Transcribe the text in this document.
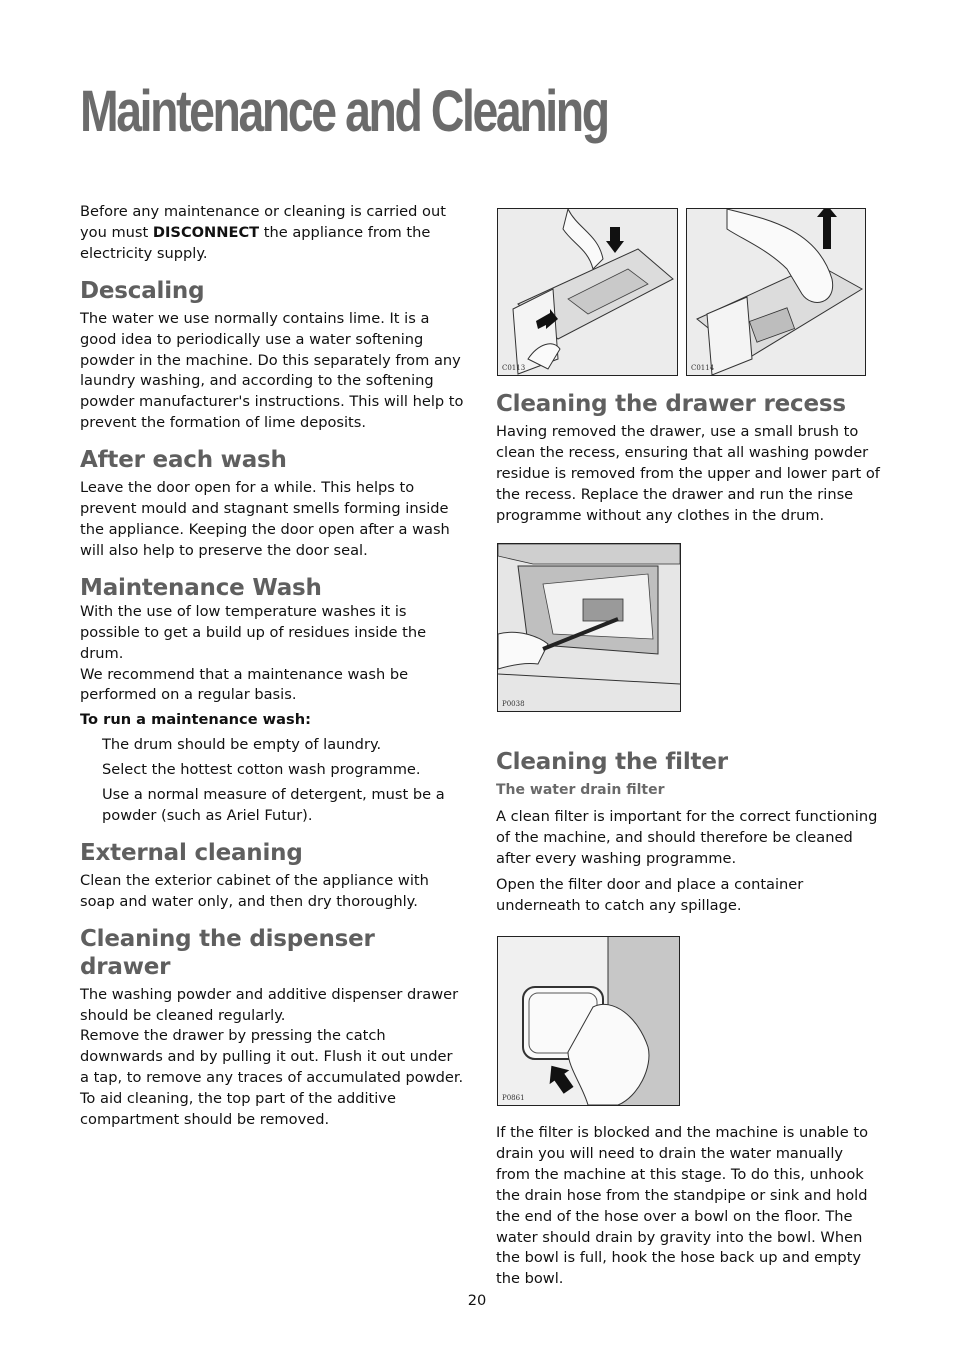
Maintenance and Cleaning

Before any maintenance or cleaning is carried out you must DISCONNECT the appliance from the electricity supply.

Descaling

The water we use normally contains lime. It is a good idea to periodically use a water softening powder in the machine. Do this separately from any laundry washing, and according to the softening powder manufacturer's instructions. This will help to prevent the formation of lime deposits.

After each wash

Leave the door open for a while. This helps to prevent mould and stagnant smells forming inside the appliance. Keeping the door open after a wash will also help to preserve the door seal.

Maintenance Wash

With the use of low temperature washes it is possible to get a build up of residues inside the drum.

We recommend that a maintenance wash be performed on a regular basis.

To run a maintenance wash:

The drum should be empty of laundry.
Select the hottest cotton wash programme.
Use a normal measure of detergent, must be a powder (such as Ariel Futur).
External cleaning

Clean the exterior cabinet of the appliance with soap and water only, and then dry thoroughly.

Cleaning the dispenser drawer

The washing powder and additive dispenser drawer should be cleaned regularly.

Remove the drawer by pressing the catch downwards and by pulling it out. Flush it out under a tap, to remove any traces of accumulated powder.

To aid cleaning, the top part of the additive compartment should be removed.

C0113	C0114
P0038
P0861
Cleaning the drawer recess

Having removed the drawer, use a small brush to clean the recess, ensuring that all washing powder residue is removed from the upper and lower part of the recess. Replace the drawer and run the rinse programme without any clothes in the drum.

Cleaning the filter

The water drain filter

A clean filter is important for the correct functioning of the machine, and should therefore be cleaned after every washing programme.

Open the filter door and place a container underneath to catch any spillage.

If the filter is blocked and the machine is unable to drain you will need to drain the water manually from the machine at this stage. To do this, unhook the drain hose from the standpipe or sink and hold the end of the hose over a bowl on the floor. The water should drain by gravity into the bowl. When the bowl is full, hook the hose back up and empty the bowl.

20
